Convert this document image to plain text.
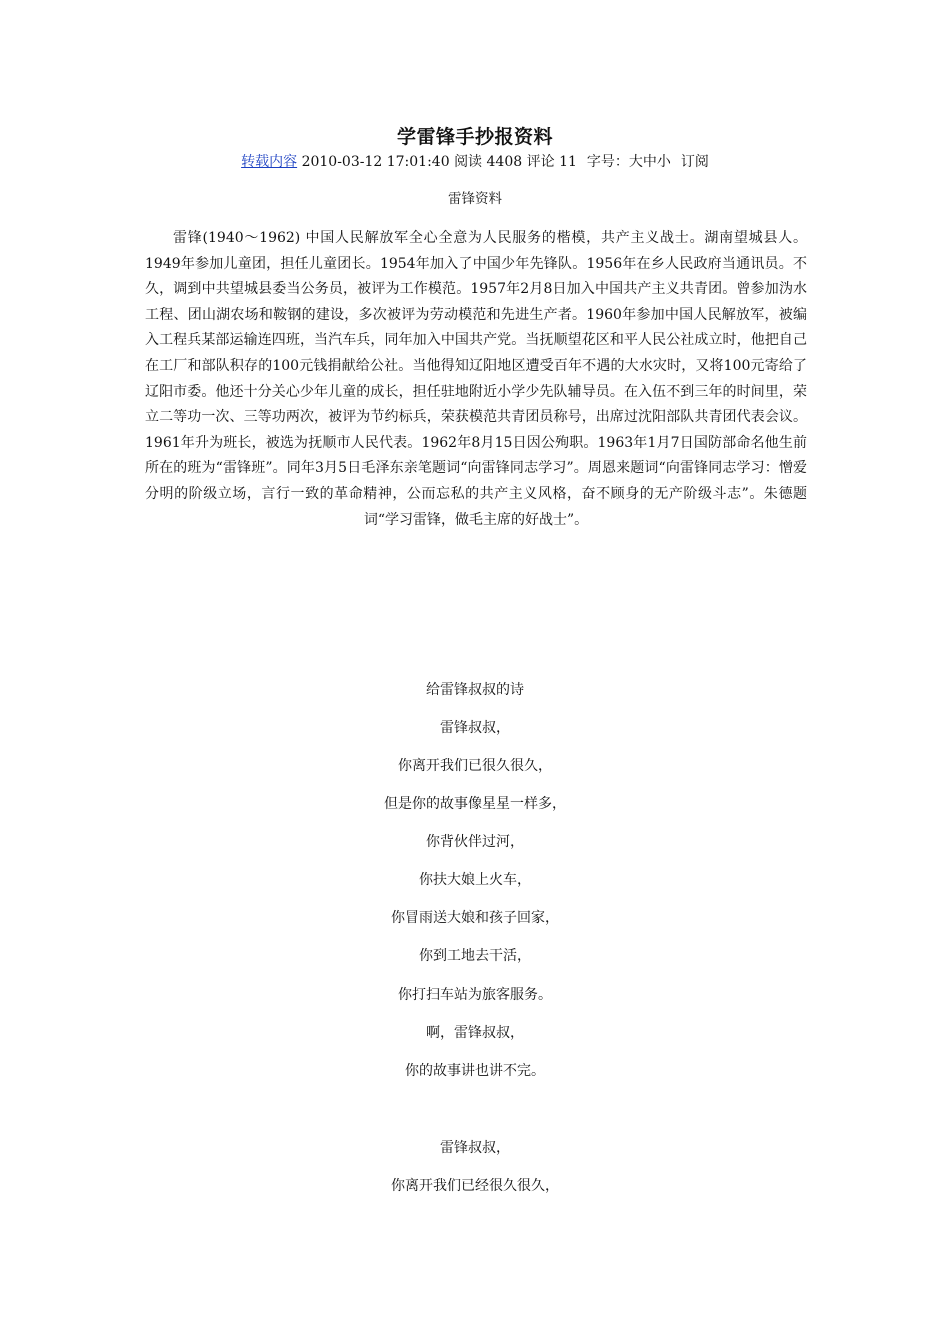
学雷锋手抄报资料
转载内容 2010-03-12 17:01:40 阅读 4408 评论 11 字号：大中小 订阅
雷锋资料
雷锋(1940～1962) 中国人民解放军全心全意为人民服务的楷模，共产主义战士。湖南望城县人。1949年参加儿童团，担任儿童团长。1954年加入了中国少年先锋队。1956年在乡人民政府当通讯员。不久，调到中共望城县委当公务员，被评为工作模范。1957年2月8日加入中国共产主义共青团。曾参加沩水工程、团山湖农场和鞍钢的建设，多次被评为劳动模范和先进生产者。1960年参加中国人民解放军，被编入工程兵某部运输连四班，当汽车兵，同年加入中国共产党。当抚顺望花区和平人民公社成立时，他把自己在工厂和部队积存的100元钱捐献给公社。当他得知辽阳地区遭受百年不遇的大水灾时，又将100元寄给了辽阳市委。他还十分关心少年儿童的成长，担任驻地附近小学少先队辅导员。在入伍不到三年的时间里，荣立二等功一次、三等功两次，被评为节约标兵，荣获模范共青团员称号，出席过沈阳部队共青团代表会议。1961年升为班长，被选为抚顺市人民代表。1962年8月15日因公殉职。1963年1月7日国防部命名他生前所在的班为“雷锋班”。同年3月5日毛泽东亲笔题词“向雷锋同志学习”。周恩来题词“向雷锋同志学习：憎爱分明的阶级立场，言行一致的革命精神，公而忘私的共产主义风格，奋不顾身的无产阶级斗志”。朱德题词“学习雷锋，做毛主席的好战士”。
给雷锋叔叔的诗
雷锋叔叔，
你离开我们已很久很久，
但是你的故事像星星一样多，
你背伙伴过河，
你扶大娘上火车，
你冒雨送大娘和孩子回家，
你到工地去干活，
你打扫车站为旅客服务。
啊，雷锋叔叔，
你的故事讲也讲不完。
雷锋叔叔，
你离开我们已经很久很久，
